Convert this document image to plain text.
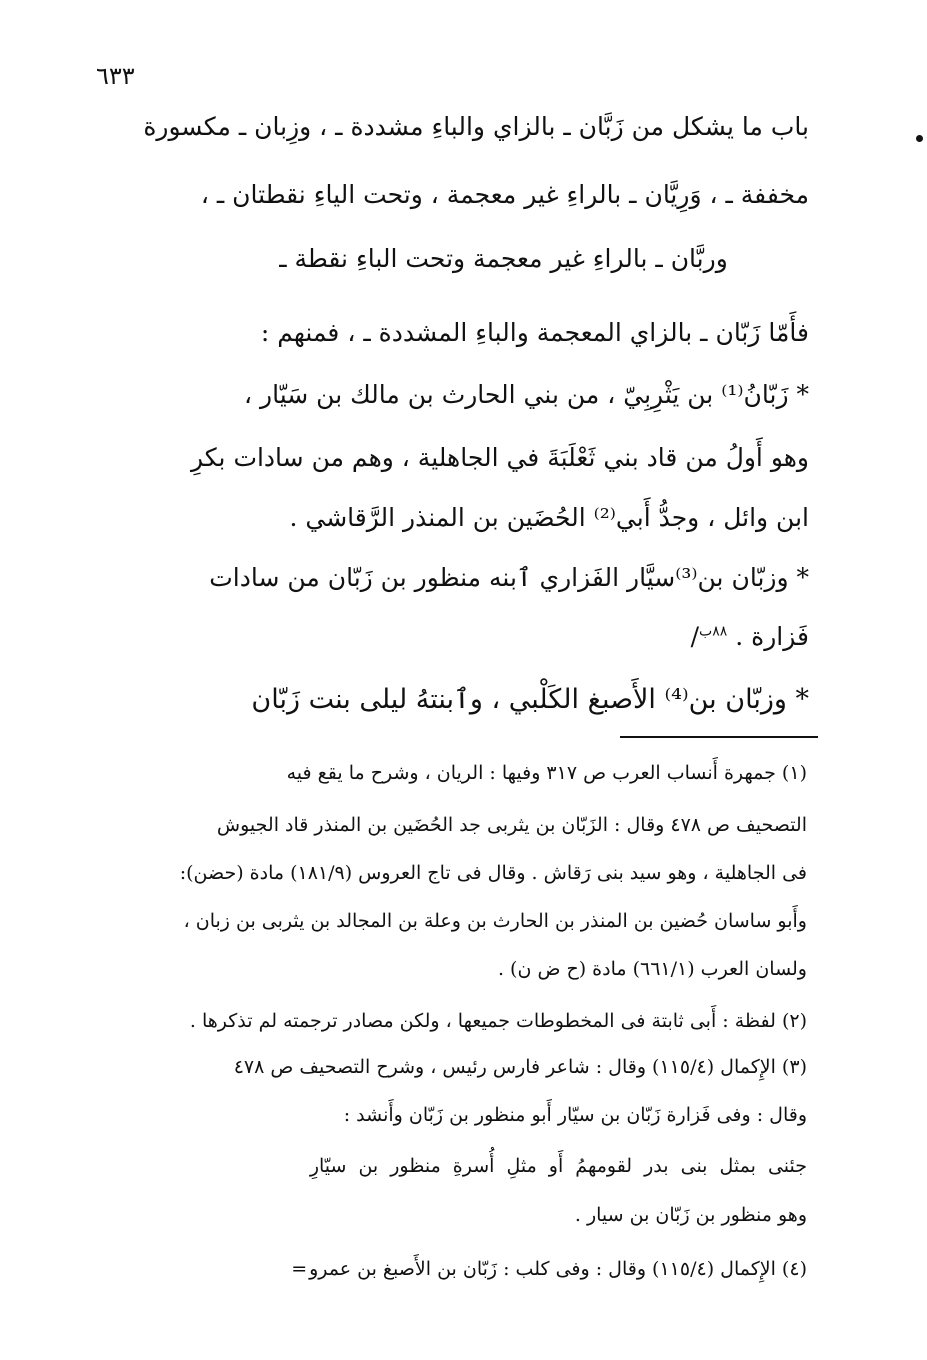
٦٣٣
باب ما يشكل من زَبَّان ـ بالزاي والباءِ مشددة ـ ، وزِبان ـ مكسورة
مخففة ـ ، وَرِيَّان ـ بالراءِ غير معجمة ، وتحت الياءِ نقطتان ـ ،
وربَّان ـ بالراءِ غير معجمة وتحت الباءِ نقطة ـ
فأَمّا زَبّان ـ بالزاي المعجمة والباءِ المشددة ـ ، فمنهم :
* زَبّانُ⁽¹⁾ بن يَثْرِبِيّ ، من بني الحارث بن مالك بن سَيّار ،
وهو أَولُ من قاد بني ثَعْلَبَةَ في الجاهلية ، وهم من سادات بكرِ
ابن وائل ، وجدُّ أَبي⁽²⁾ الحُضَين بن المنذر الرَّقاشي .
* وزبّان بن⁽³⁾سيَّار الفَزاري ٱبنه منظور بن زَبّان من سادات
فَزارة . $^{٨٨ب}$/
* وزبّان بن⁽⁴⁾ الأَصبغ الكَلْبي ، وٱبنتهُ ليلى بنت زَبّان
(١) جمهرة أَنساب العرب ص ٣١٧ وفيها : الريان ، وشرح ما يقع فيه
التصحيف ص ٤٧٨ وقال : الزَبّان بن يثربى جد الحُضَين بن المنذر قاد الجيوش
فى الجاهلية ، وهو سيد بنى رَقاش . وقال فى تاج العروس (١٨١/٩) مادة (حضن):
وأَبو ساسان حُضين بن المنذر بن الحارث بن وعلة بن المجالد بن يثربى بن زبان ،
ولسان العرب (٦٦١/١) مادة (ح ض ن) .
(٢) لفظة : أَبى ثابتة فى المخطوطات جميعها ، ولكن مصادر ترجمته لم تذكرها .
(٣) الإِكمال (١١٥/٤) وقال : شاعر فارس رئيس ، وشرح التصحيف ص ٤٧٨
وقال : وفى فَزارة زَبّان بن سيّار أَبو منظور بن زَبّان وأَنشد :
جئنى بمثل بنى بدر لقومهمُ أَو مثلِ أُسرةِ منظور بن سيّارِ
وهو منظور بن زَبّان بن سيار .
(٤) الإِكمال (١١٥/٤) وقال : وفى كلب : زَبّان بن الأَصبغ بن عمرو=
